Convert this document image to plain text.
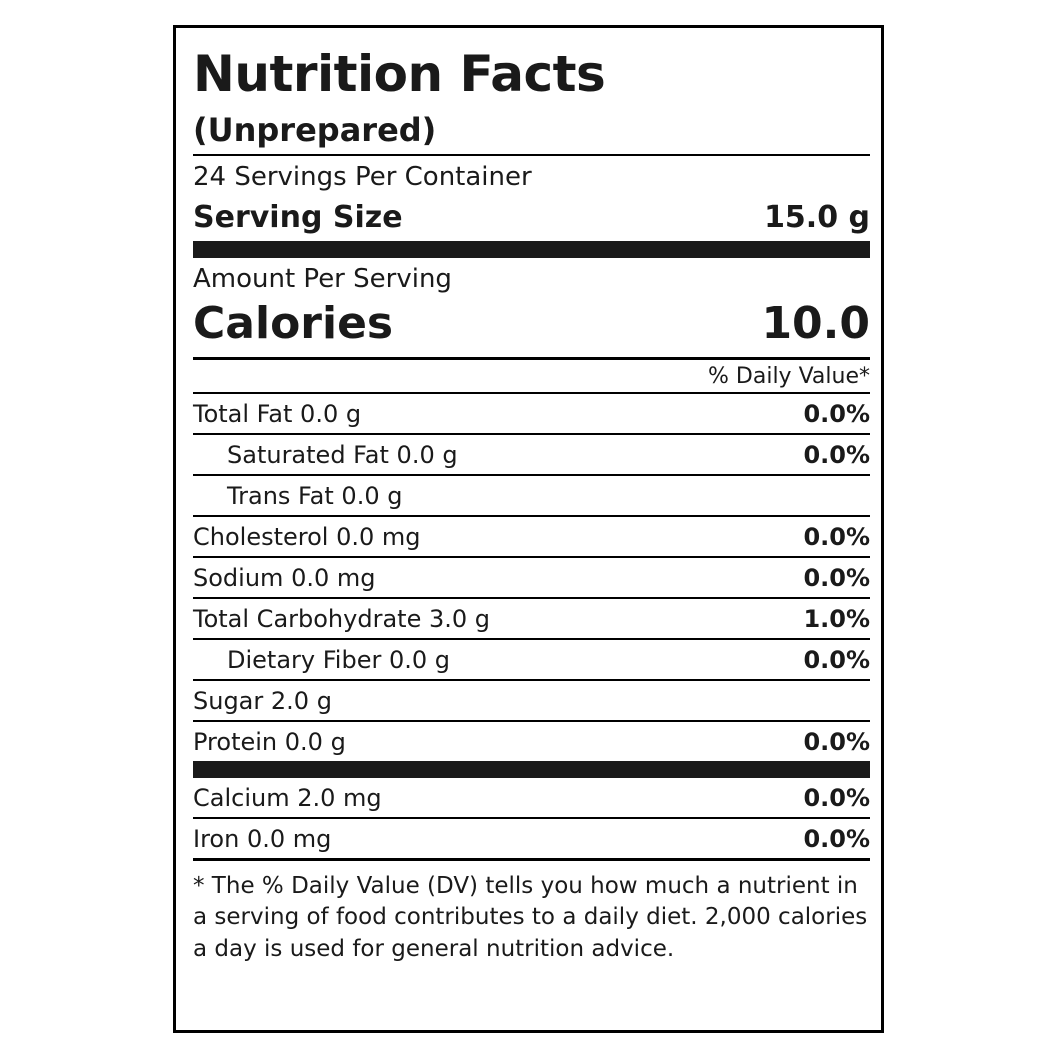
Nutrition Facts
(Unprepared)
24 Servings Per Container
Serving Size	15.0 g
Amount Per Serving
Calories	10.0
% Daily Value*
Total Fat 0.0 g	0.0%
Saturated Fat 0.0 g	0.0%
Trans Fat 0.0 g
Cholesterol 0.0 mg	0.0%
Sodium 0.0 mg	0.0%
Total Carbohydrate 3.0 g	1.0%
Dietary Fiber 0.0 g	0.0%
Sugar 2.0 g
Protein 0.0 g	0.0%
Calcium 2.0 mg	0.0%
Iron 0.0 mg	0.0%
* The % Daily Value (DV) tells you how much a nutrient in a serving of food contributes to a daily diet. 2,000 calories a day is used for general nutrition advice.
